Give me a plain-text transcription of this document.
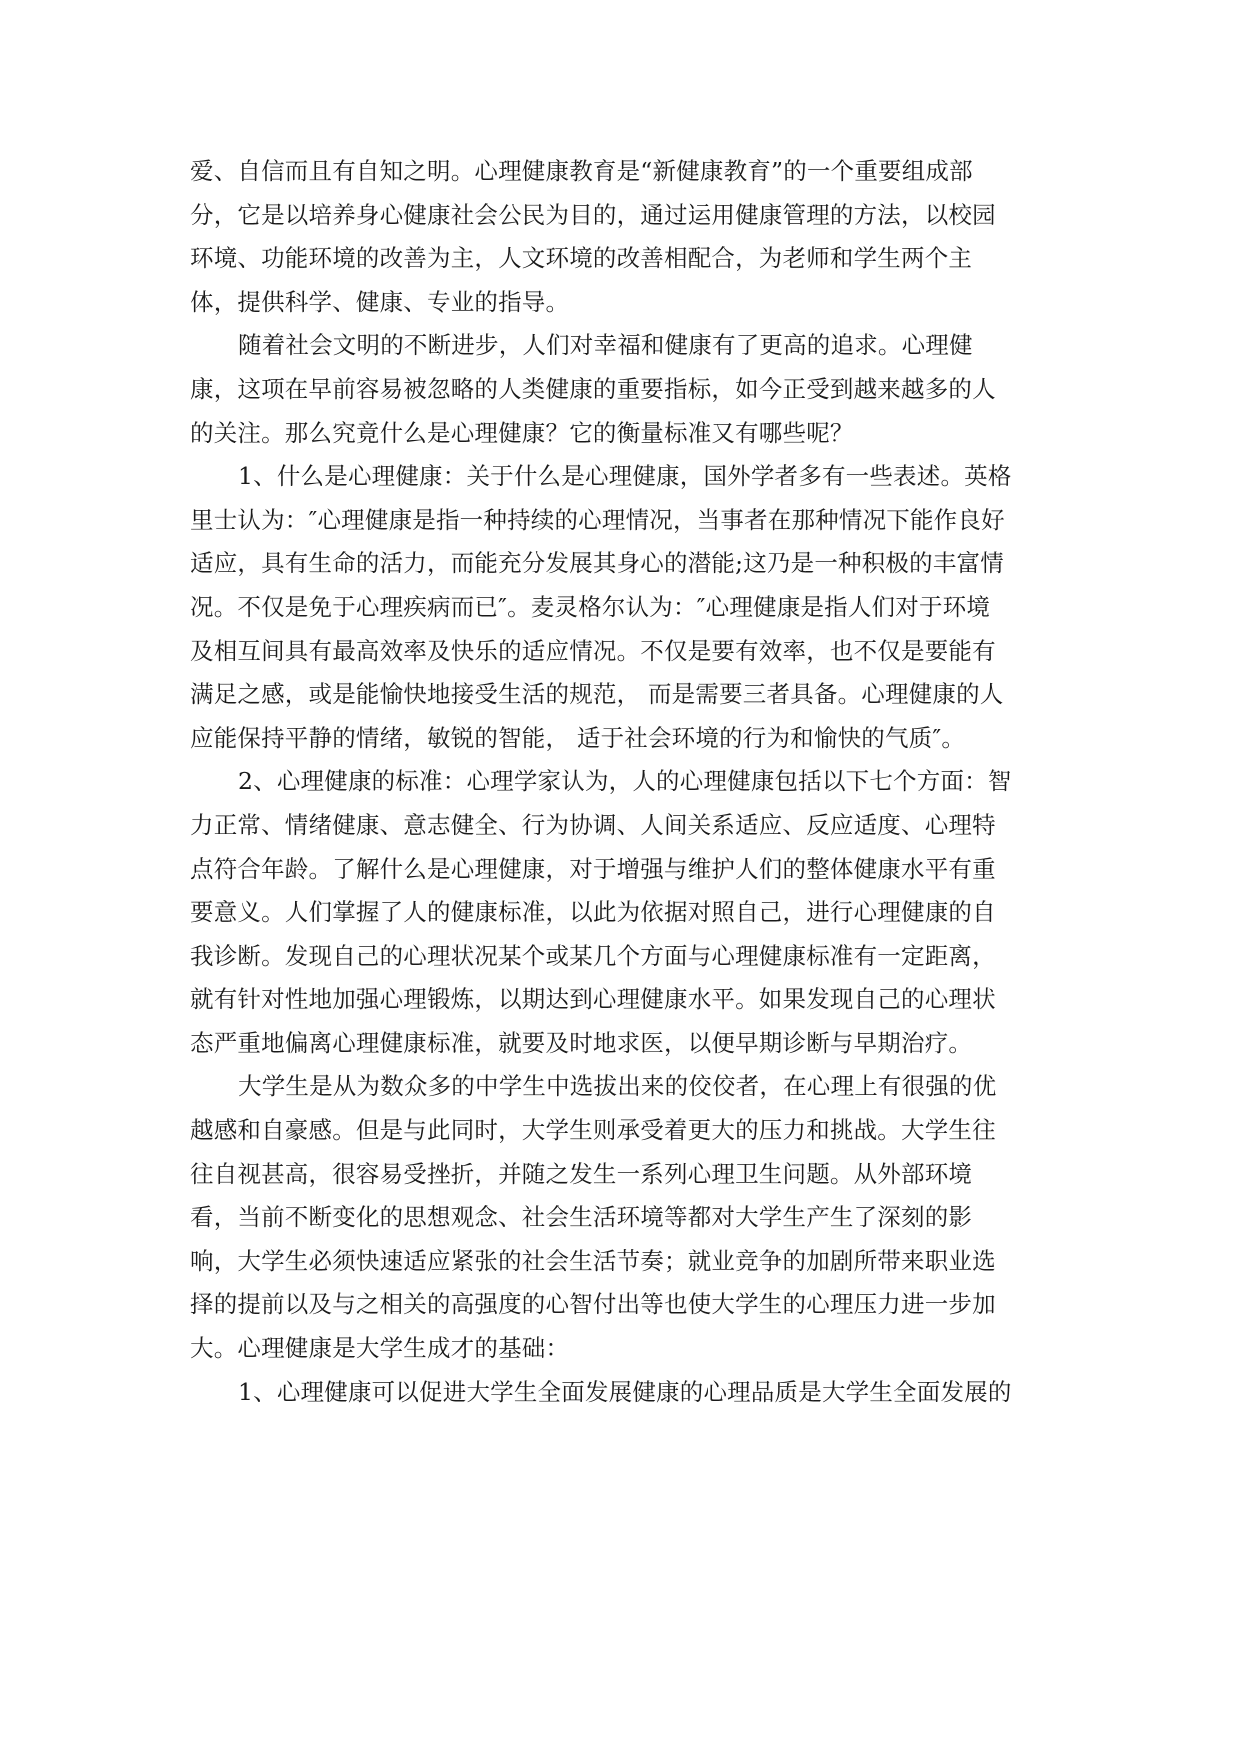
爱、自信而且有自知之明。心理健康教育是“新健康教育”的一个重要组成部
分，它是以培养身心健康社会公民为目的，通过运用健康管理的方法，以校园
环境、功能环境的改善为主，人文环境的改善相配合，为老师和学生两个主
体，提供科学、健康、专业的指导。
随着社会文明的不断进步，人们对幸福和健康有了更高的追求。心理健
康，这项在早前容易被忽略的人类健康的重要指标，如今正受到越来越多的人
的关注。那么究竟什么是心理健康？它的衡量标准又有哪些呢？
1、什么是心理健康：关于什么是心理健康，国外学者多有一些表述。英格
里士认为：″心理健康是指一种持续的心理情况，当事者在那种情况下能作良好
适应，具有生命的活力，而能充分发展其身心的潜能;这乃是一种积极的丰富情
况。不仅是免于心理疾病而已″。麦灵格尔认为：″心理健康是指人们对于环境
及相互间具有最高效率及快乐的适应情况。不仅是要有效率，也不仅是要能有
满足之感，或是能愉快地接受生活的规范， 而是需要三者具备。心理健康的人
应能保持平静的情绪，敏锐的智能， 适于社会环境的行为和愉快的气质″。
2、心理健康的标准：心理学家认为，人的心理健康包括以下七个方面：智
力正常、情绪健康、意志健全、行为协调、人间关系适应、反应适度、心理特
点符合年龄。了解什么是心理健康，对于增强与维护人们的整体健康水平有重
要意义。人们掌握了人的健康标准，以此为依据对照自己，进行心理健康的自
我诊断。发现自己的心理状况某个或某几个方面与心理健康标准有一定距离，
就有针对性地加强心理锻炼，以期达到心理健康水平。如果发现自己的心理状
态严重地偏离心理健康标准，就要及时地求医，以便早期诊断与早期治疗。
大学生是从为数众多的中学生中选拔出来的佼佼者，在心理上有很强的优
越感和自豪感。但是与此同时，大学生则承受着更大的压力和挑战。大学生往
往自视甚高，很容易受挫折，并随之发生一系列心理卫生问题。从外部环境
看，当前不断变化的思想观念、社会生活环境等都对大学生产生了深刻的影
响，大学生必须快速适应紧张的社会生活节奏；就业竞争的加剧所带来职业选
择的提前以及与之相关的高强度的心智付出等也使大学生的心理压力进一步加
大。心理健康是大学生成才的基础：
1、心理健康可以促进大学生全面发展健康的心理品质是大学生全面发展的
